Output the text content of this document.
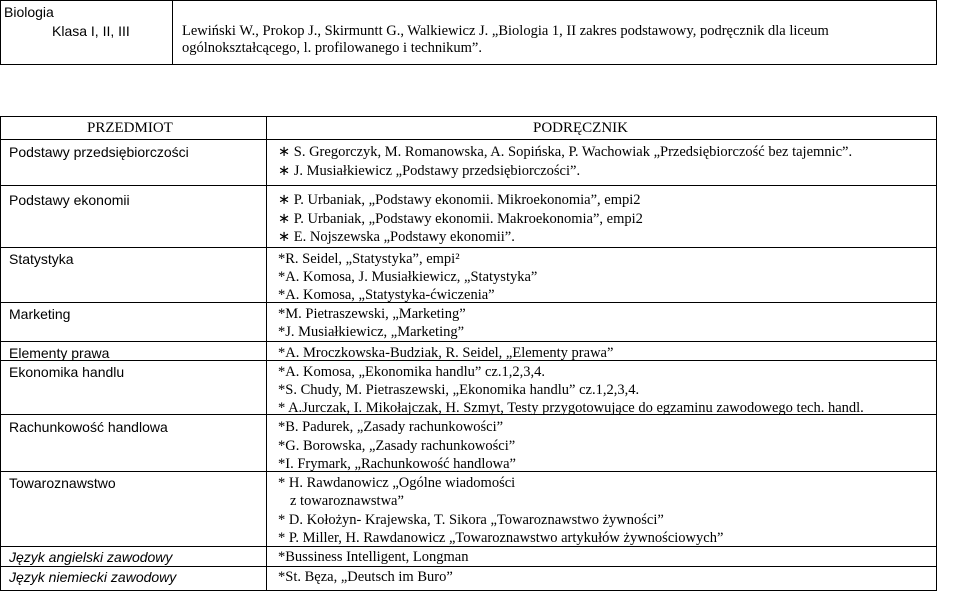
Biologia
Klasa I, II, III	Lewiński W., Prokop J., Skirmuntt G., Walkiewicz J. „Biologia 1, II zakres podstawowy, podręcznik dla liceum
ogólnokształcącego, l. profilowanego i technikum”.
PRZEDMIOT	PODRĘCZNIK
Podstawy przedsiębiorczości
Podstawy ekonomii
Statystyka
Marketing
Elementy prawa
Ekonomika handlu
Rachunkowość handlowa
Towaroznawstwo
Język angielski zawodowy
Język niemiecki zawodowy
∗ S. Gregorczyk, M. Romanowska, A. Sopińska, P. Wachowiak „Przedsiębiorczość bez tajemnic”.
∗ J. Musiałkiewicz „Podstawy przedsiębiorczości”.
∗ P. Urbaniak, „Podstawy ekonomii. Mikroekonomia”, empi2
∗ P. Urbaniak, „Podstawy ekonomii. Makroekonomia”, empi2
∗ E. Nojszewska „Podstawy ekonomii”.
*R. Seidel, „Statystyka”, empi²
*A. Komosa, J. Musiałkiewicz, „Statystyka”
*A. Komosa, „Statystyka-ćwiczenia”
*M. Pietraszewski, „Marketing”
*J. Musiałkiewicz, „Marketing”
*A. Mroczkowska-Budziak, R. Seidel, „Elementy prawa”
*A. Komosa, „Ekonomika handlu” cz.1,2,3,4.
*S. Chudy, M. Pietraszewski, „Ekonomika handlu” cz.1,2,3,4.
* A.Jurczak, I. Mikołajczak, H. Szmyt, Testy przygotowujące do egzaminu zawodowego tech. handl.
*B. Padurek, „Zasady rachunkowości”
*G. Borowska, „Zasady rachunkowości”
*I. Frymark, „Rachunkowość handlowa”
* H. Rawdanowicz „Ogólne wiadomości
z towaroznawstwa”
* D. Kołożyn- Krajewska, T. Sikora „Towaroznawstwo żywności”
* P. Miller, H. Rawdanowicz „Towaroznawstwo artykułów żywnościowych”
*Bussiness Intelligent, Longman
*St. Bęza, „Deutsch im Buro”
